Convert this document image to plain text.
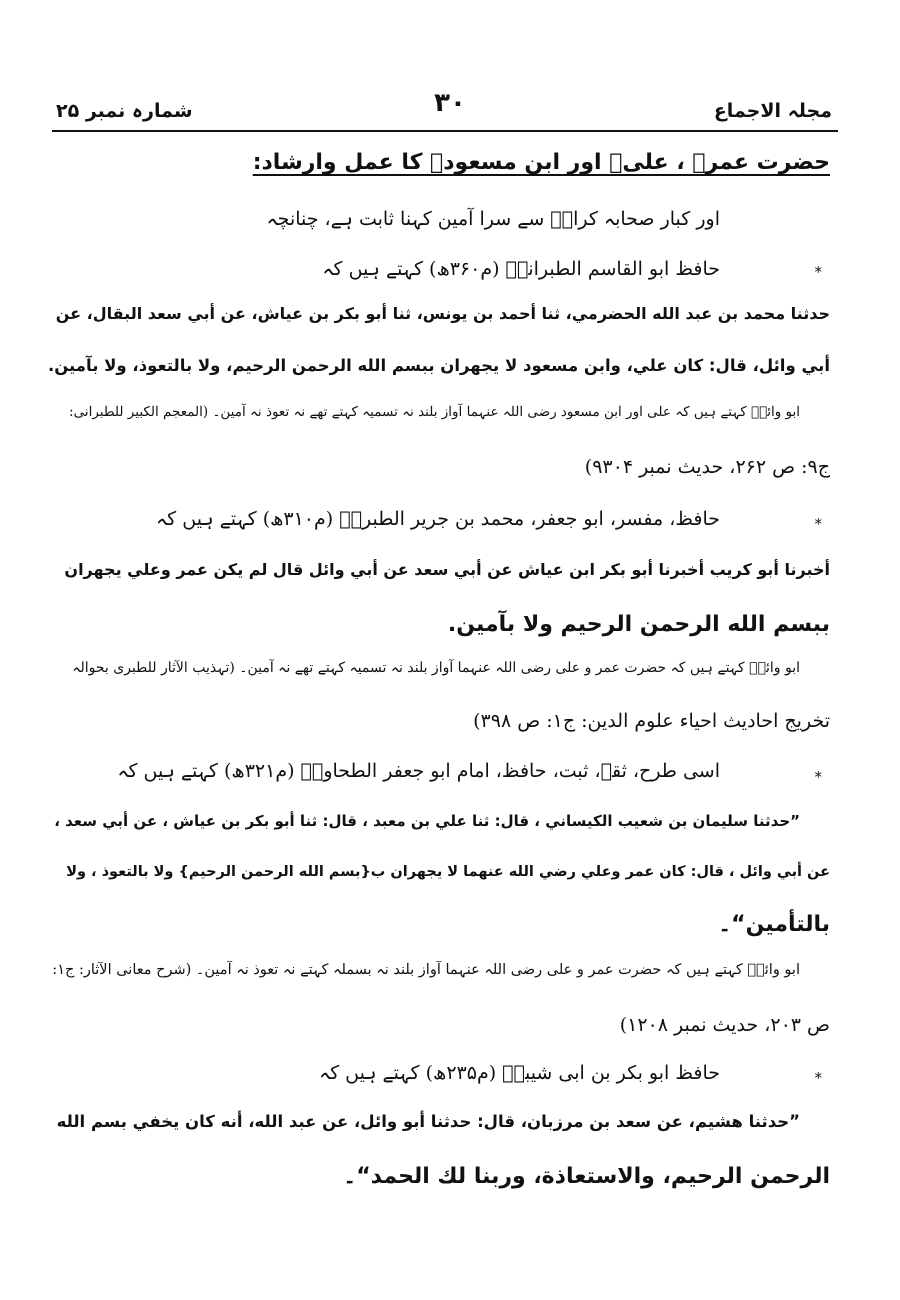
مجلہ الاجماع
۳۰
شمارہ نمبر ۲۵
حضرت عمرؓ ، علیؓ اور ابن مسعودؓ کا عمل وارشاد:
اور کبار صحابہ کرامؓ سے سرا آمین کہنا ثابت ہے، چنانچہ
*
حافظ ابو القاسم الطبرانیؒ (م۳۶۰ھ) کہتے ہیں کہ
حدثنا محمد بن عبد الله الحضرمي، ثنا أحمد بن يونس، ثنا أبو بكر بن عياش، عن أبي سعد البقال، عن
أبي وائل، قال: كان علي، وابن مسعود لا يجهران ببسم الله الرحمن الرحيم، ولا بالتعوذ، ولا بآمين.
ابو وائلؒ کہتے ہیں کہ علی اور ابن مسعود رضی اللہ عنہما آواز بلند نہ تسمیہ کہتے تھے نہ تعوذ نہ آمین۔ (المعجم الکبیر للطبرانی:
ج۹: ص ۲۶۲، حدیث نمبر ۹۳۰۴)
*
حافظ، مفسر، ابو جعفر، محمد بن جریر الطبریؒ (م۳۱۰ھ) کہتے ہیں کہ
أخبرنا أبو كريب أخبرنا أبو بكر ابن عياش عن أبي سعد عن أبي وائل قال لم يكن عمر وعلي يجهران
ببسم الله الرحمن الرحيم ولا بآمين.
ابو وائلؒ کہتے ہیں کہ حضرت عمر و علی رضی اللہ عنہما آواز بلند نہ تسمیہ کہتے تھے نہ آمین۔ (تہذیب الآثار للطبری بحوالہ
تخریج احادیث احیاء علوم الدین: ج۱: ص ۳۹۸)
*
اسی طرح، ثقہ، ثبت، حافظ، امام ابو جعفر الطحاویؒ (م۳۲۱ھ) کہتے ہیں کہ
”حدثنا سليمان بن شعيب الكيساني ، قال: ثنا علي بن معبد ، قال: ثنا أبو بكر بن عياش ، عن أبي سعد ،
عن أبي وائل ، قال: كان عمر وعلي رضي الله عنهما لا يجهران ب{بسم الله الرحمن الرحيم} ولا بالتعوذ ، ولا
بالتأمين“۔
ابو وائلؒ کہتے ہیں کہ حضرت عمر و علی رضی اللہ عنہما آواز بلند نہ بسملہ کہتے نہ تعوذ نہ آمین۔ (شرح معانی الآثار: ج۱:
ص ۲۰۳، حدیث نمبر ۱۲۰۸)
*
حافظ ابو بکر بن ابی شیبہؒ (م۲۳۵ھ) کہتے ہیں کہ
”حدثنا هشيم، عن سعد بن مرزبان، قال: حدثنا أبو وائل، عن عبد الله، أنه كان يخفي بسم الله
الرحمن الرحيم، والاستعاذة، وربنا لك الحمد“۔
